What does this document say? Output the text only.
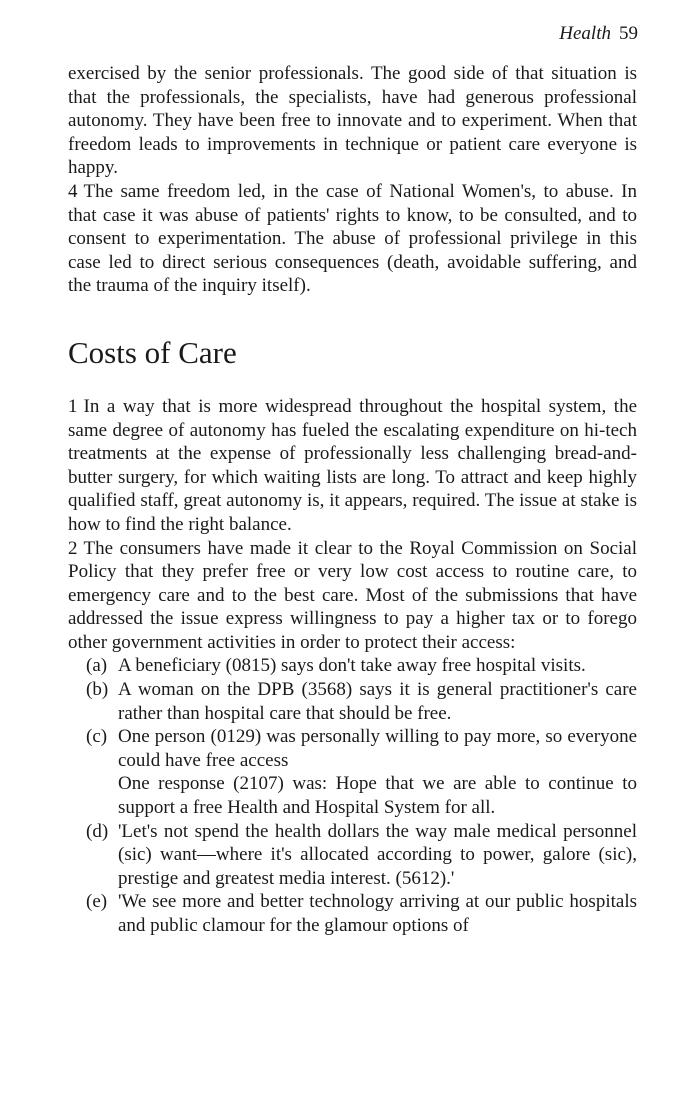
Health 59

exercised by the senior professionals. The good side of that situation is that the professionals, the specialists, have had generous professional autonomy. They have been free to innovate and to experiment. When that freedom leads to improvements in technique or patient care everyone is happy.

4 The same freedom led, in the case of National Women's, to abuse. In that case it was abuse of patients' rights to know, to be consulted, and to consent to experimentation. The abuse of professional privilege in this case led to direct serious consequences (death, avoidable suffering, and the trauma of the inquiry itself).

Costs of Care

1 In a way that is more widespread throughout the hospital system, the same degree of autonomy has fueled the escalating expenditure on hi-tech treatments at the expense of professionally less challenging bread-and-butter surgery, for which waiting lists are long. To attract and keep highly qualified staff, great autonomy is, it appears, required. The issue at stake is how to find the right balance.

2 The consumers have made it clear to the Royal Commission on Social Policy that they prefer free or very low cost access to routine care, to emergency care and to the best care. Most of the submissions that have addressed the issue express willingness to pay a higher tax or to forego other government activities in order to protect their access:

(a) A beneficiary (0815) says don't take away free hospital visits.
(b) A woman on the DPB (3568) says it is general practitioner's care rather than hospital care that should be free.
(c) One person (0129) was personally willing to pay more, so everyone could have free access
One response (2107) was: Hope that we are able to continue to support a free Health and Hospital System for all.
(d) 'Let's not spend the health dollars the way male medical personnel (sic) want—where it's allocated according to power, galore (sic), prestige and greatest media interest. (5612).'
(e) 'We see more and better technology arriving at our public hospitals and public clamour for the glamour options of
